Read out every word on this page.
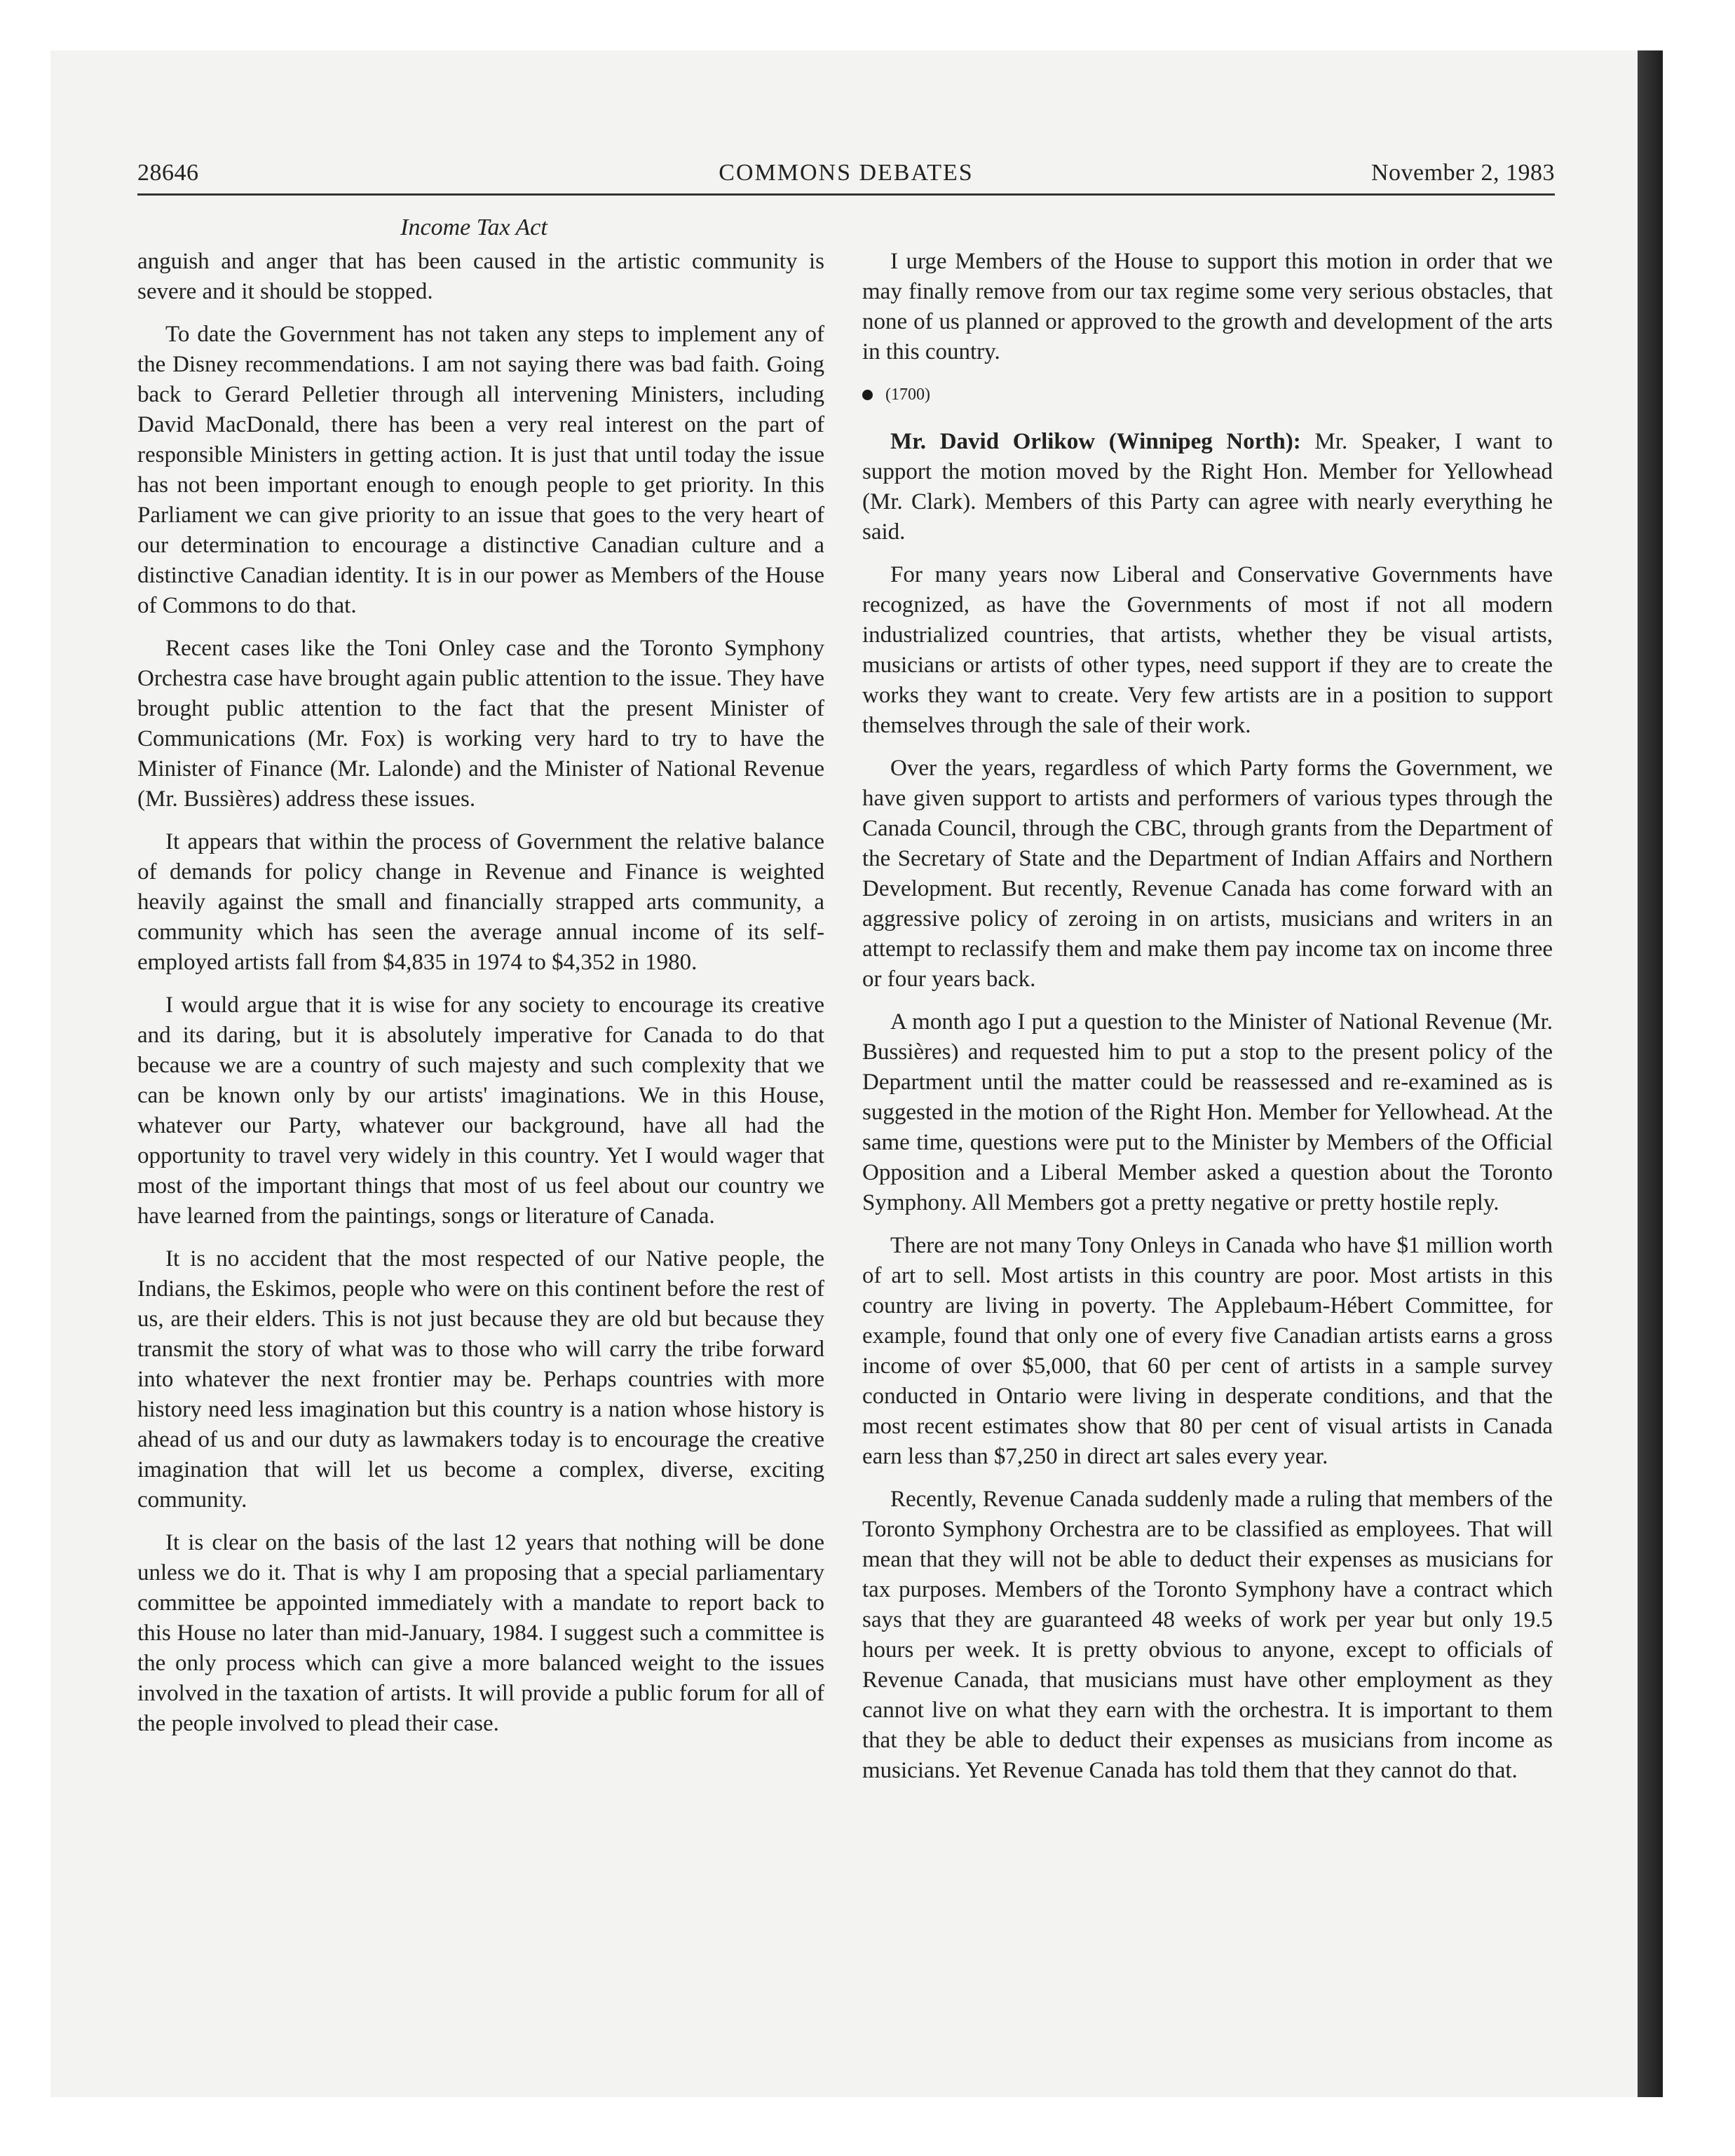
28646	COMMONS DEBATES	November 2, 1983
Income Tax Act

anguish and anger that has been caused in the artistic community is severe and it should be stopped.

To date the Government has not taken any steps to implement any of the Disney recommendations. I am not saying there was bad faith. Going back to Gerard Pelletier through all intervening Ministers, including David MacDonald, there has been a very real interest on the part of responsible Ministers in getting action. It is just that until today the issue has not been important enough to enough people to get priority. In this Parliament we can give priority to an issue that goes to the very heart of our determination to encourage a distinctive Canadian culture and a distinctive Canadian identity. It is in our power as Members of the House of Commons to do that.

Recent cases like the Toni Onley case and the Toronto Symphony Orchestra case have brought again public attention to the issue. They have brought public attention to the fact that the present Minister of Communications (Mr. Fox) is working very hard to try to have the Minister of Finance (Mr. Lalonde) and the Minister of National Revenue (Mr. Bussières) address these issues.

It appears that within the process of Government the relative balance of demands for policy change in Revenue and Finance is weighted heavily against the small and financially strapped arts community, a community which has seen the average annual income of its self-employed artists fall from $4,835 in 1974 to $4,352 in 1980.

I would argue that it is wise for any society to encourage its creative and its daring, but it is absolutely imperative for Canada to do that because we are a country of such majesty and such complexity that we can be known only by our artists' imaginations. We in this House, whatever our Party, whatever our background, have all had the opportunity to travel very widely in this country. Yet I would wager that most of the important things that most of us feel about our country we have learned from the paintings, songs or literature of Canada.

It is no accident that the most respected of our Native people, the Indians, the Eskimos, people who were on this continent before the rest of us, are their elders. This is not just because they are old but because they transmit the story of what was to those who will carry the tribe forward into whatever the next frontier may be. Perhaps countries with more history need less imagination but this country is a nation whose history is ahead of us and our duty as lawmakers today is to encourage the creative imagination that will let us become a complex, diverse, exciting community.

It is clear on the basis of the last 12 years that nothing will be done unless we do it. That is why I am proposing that a special parliamentary committee be appointed immediately with a mandate to report back to this House no later than mid-January, 1984. I suggest such a committee is the only process which can give a more balanced weight to the issues involved in the taxation of artists. It will provide a public forum for all of the people involved to plead their case.

I urge Members of the House to support this motion in order that we may finally remove from our tax regime some very serious obstacles, that none of us planned or approved to the growth and development of the arts in this country.

(1700)

Mr. David Orlikow (Winnipeg North): Mr. Speaker, I want to support the motion moved by the Right Hon. Member for Yellowhead (Mr. Clark). Members of this Party can agree with nearly everything he said.

For many years now Liberal and Conservative Governments have recognized, as have the Governments of most if not all modern industrialized countries, that artists, whether they be visual artists, musicians or artists of other types, need support if they are to create the works they want to create. Very few artists are in a position to support themselves through the sale of their work.

Over the years, regardless of which Party forms the Government, we have given support to artists and performers of various types through the Canada Council, through the CBC, through grants from the Department of the Secretary of State and the Department of Indian Affairs and Northern Development. But recently, Revenue Canada has come forward with an aggressive policy of zeroing in on artists, musicians and writers in an attempt to reclassify them and make them pay income tax on income three or four years back.

A month ago I put a question to the Minister of National Revenue (Mr. Bussières) and requested him to put a stop to the present policy of the Department until the matter could be reassessed and re-examined as is suggested in the motion of the Right Hon. Member for Yellowhead. At the same time, questions were put to the Minister by Members of the Official Opposition and a Liberal Member asked a question about the Toronto Symphony. All Members got a pretty negative or pretty hostile reply.

There are not many Tony Onleys in Canada who have $1 million worth of art to sell. Most artists in this country are poor. Most artists in this country are living in poverty. The Applebaum-Hébert Committee, for example, found that only one of every five Canadian artists earns a gross income of over $5,000, that 60 per cent of artists in a sample survey conducted in Ontario were living in desperate conditions, and that the most recent estimates show that 80 per cent of visual artists in Canada earn less than $7,250 in direct art sales every year.

Recently, Revenue Canada suddenly made a ruling that members of the Toronto Symphony Orchestra are to be classified as employees. That will mean that they will not be able to deduct their expenses as musicians for tax purposes. Members of the Toronto Symphony have a contract which says that they are guaranteed 48 weeks of work per year but only 19.5 hours per week. It is pretty obvious to anyone, except to officials of Revenue Canada, that musicians must have other employment as they cannot live on what they earn with the orchestra. It is important to them that they be able to deduct their expenses as musicians from income as musicians. Yet Revenue Canada has told them that they cannot do that.
